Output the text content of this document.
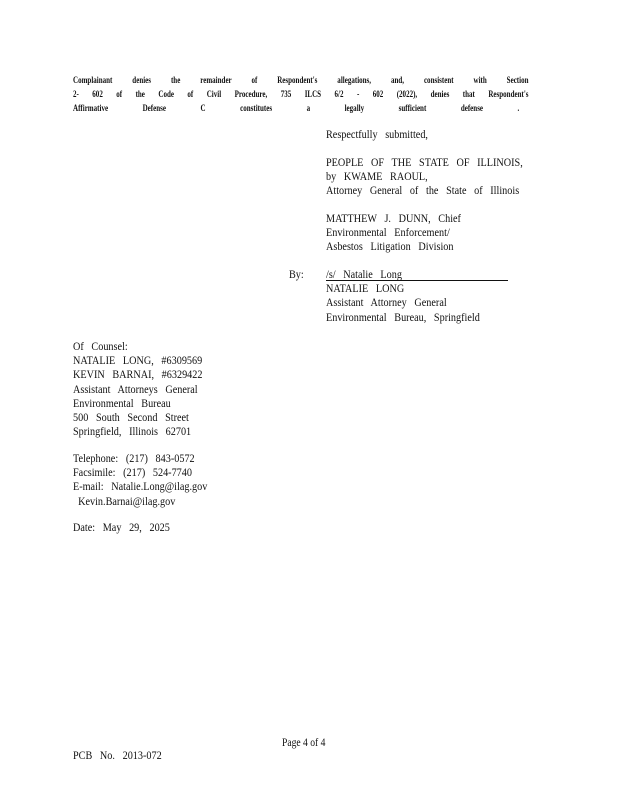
Complainant denies the remainder of Respondent's allegations, and, consistent with Section
2- 602 of the Code of Civil Procedure, 735 ILCS 6/2 - 602 (2022), denies that Respondent's
Affirmative Defense C constitutes a legally sufficient defense .
Respectfully submitted,
PEOPLE OF THE STATE OF ILLINOIS,
by KWAME RAOUL,
Attorney General of the State of Illinois
MATTHEW J. DUNN, Chief
Environmental Enforcement/
Asbestos Litigation Division
By: /s/ Natalie Long
NATALIE LONG
Assistant Attorney General
Environmental Bureau, Springfield
Of Counsel:
NATALIE LONG, #6309569
KEVIN BARNAI, #6329422
Assistant Attorneys General
Environmental Bureau
500 South Second Street
Springfield, Illinois 62701
Telephone: (217) 843-0572
Facsimile: (217) 524-7740
E-mail: Natalie.Long@ilag.gov
Kevin.Barnai@ilag.gov
Date: May 29, 2025
Page 4 of 4
PCB No. 2013-072
